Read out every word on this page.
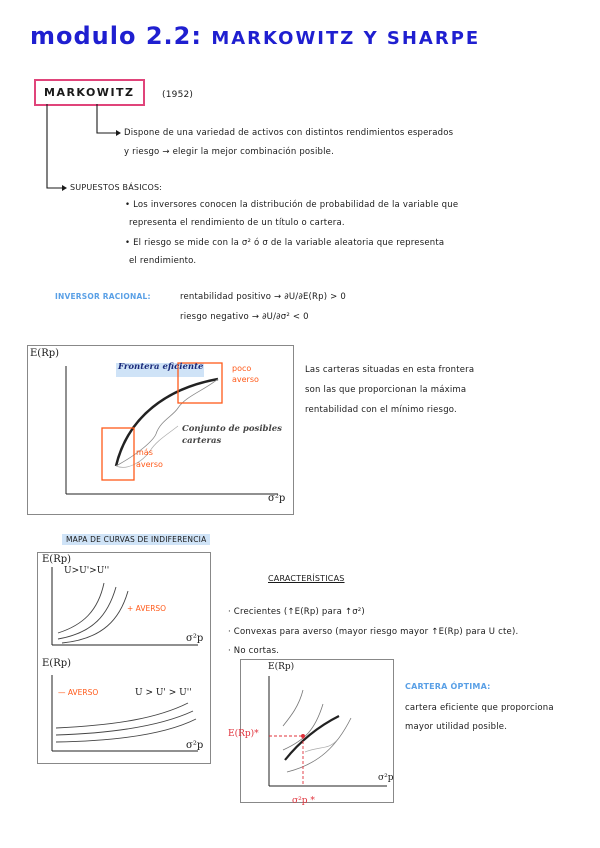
modulo 2.2: MARKOWITZ Y SHARPE
MARKOWITZ	(1952)
Dispone de una variedad de activos con distintos rendimientos esperados
y riesgo → elegir la mejor combinación posible.
SUPUESTOS BÁSICOS:
• Los inversores conocen la distribución de probabilidad de la variable que
representa el rendimiento de un título o cartera.
• El riesgo se mide con la σ² ó σ de la variable aleatoria que representa
el rendimiento.
INVERSOR RACIONAL:	rentabilidad positivo → ∂U/∂E(Rp) > 0
riesgo negativo → ∂U/∂σ² < 0
E(Rp)
σ²p
Frontera eficiente	poco
averso
más
averso
Conjunto de posibles
carteras
Las carteras situadas en esta frontera
son las que proporcionan la máxima
rentabilidad con el mínimo riesgo.
MAPA DE CURVAS DE INDIFERENCIA
E(Rp)
U>U'>U''
+ AVERSO
σ²p
E(Rp)
— AVERSO	U > U' > U''
σ²p
CARACTERÍSTICAS
· Crecientes (↑E(Rp) para ↑σ²)
· Convexas para averso (mayor riesgo mayor ↑E(Rp) para U cte).
· No cortas.
E(Rp)
σ²p
E(Rp)*
σ²p *
CARTERA ÓPTIMA:
cartera eficiente que proporciona
mayor utilidad posible.
